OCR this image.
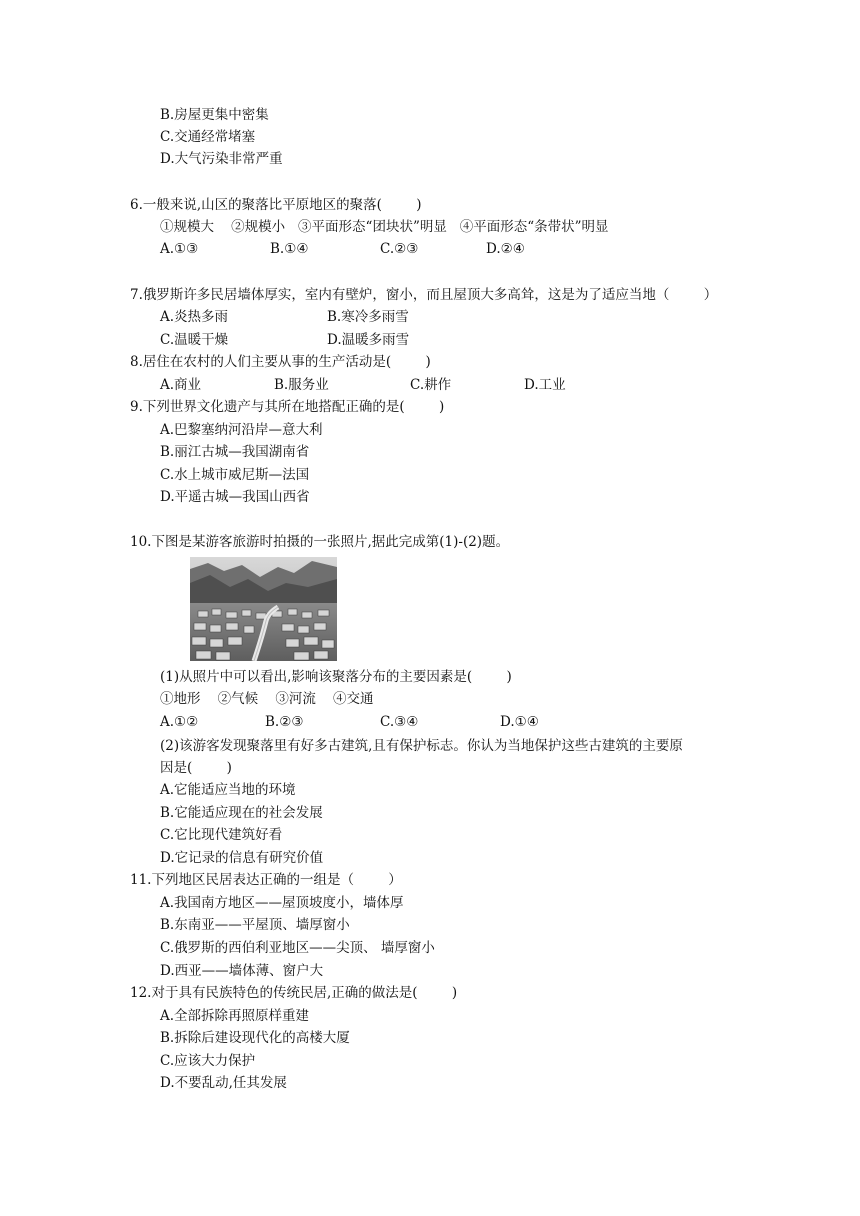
B.房屋更集中密集
C.交通经常堵塞
D.大气污染非常严重
6.一般来说,山区的聚落比平原地区的聚落(        )
①规模大    ②规模小   ③平面形态“团块状”明显   ④平面形态“条带状”明显
A.①③	B.①④	C.②③	D.②④
7.俄罗斯许多民居墙体厚实，室内有壁炉，窗小，而且屋顶大多高耸，这是为了适应当地（        ）
A.炎热多雨	B.寒冷多雨雪
C.温暖干燥	D.温暖多雨雪
8.居住在农村的人们主要从事的生产活动是(        )
A.商业	B.服务业	C.耕作	D.工业
9.下列世界文化遗产与其所在地搭配正确的是(        )
A.巴黎塞纳河沿岸—意大利
B.丽江古城—我国湖南省
C.水上城市威尼斯—法国
D.平遥古城—我国山西省
10.下图是某游客旅游时拍摄的一张照片,据此完成第(1)-(2)题。
(1)从照片中可以看出,影响该聚落分布的主要因素是(        )
①地形    ②气候    ③河流    ④交通
A.①②	B.②③	C.③④	D.①④
(2)该游客发现聚落里有好多古建筑,且有保护标志。你认为当地保护这些古建筑的主要原
因是(        )
A.它能适应当地的环境
B.它能适应现在的社会发展
C.它比现代建筑好看
D.它记录的信息有研究价值
11.下列地区民居表达正确的一组是（        ）
A.我国南方地区——屋顶坡度小，墙体厚
B.东南亚——平屋顶、墙厚窗小
C.俄罗斯的西伯利亚地区——尖顶、 墙厚窗小
D.西亚——墙体薄、窗户大
12.对于具有民族特色的传统民居,正确的做法是(        )
A.全部拆除再照原样重建
B.拆除后建设现代化的高楼大厦
C.应该大力保护
D.不要乱动,任其发展
